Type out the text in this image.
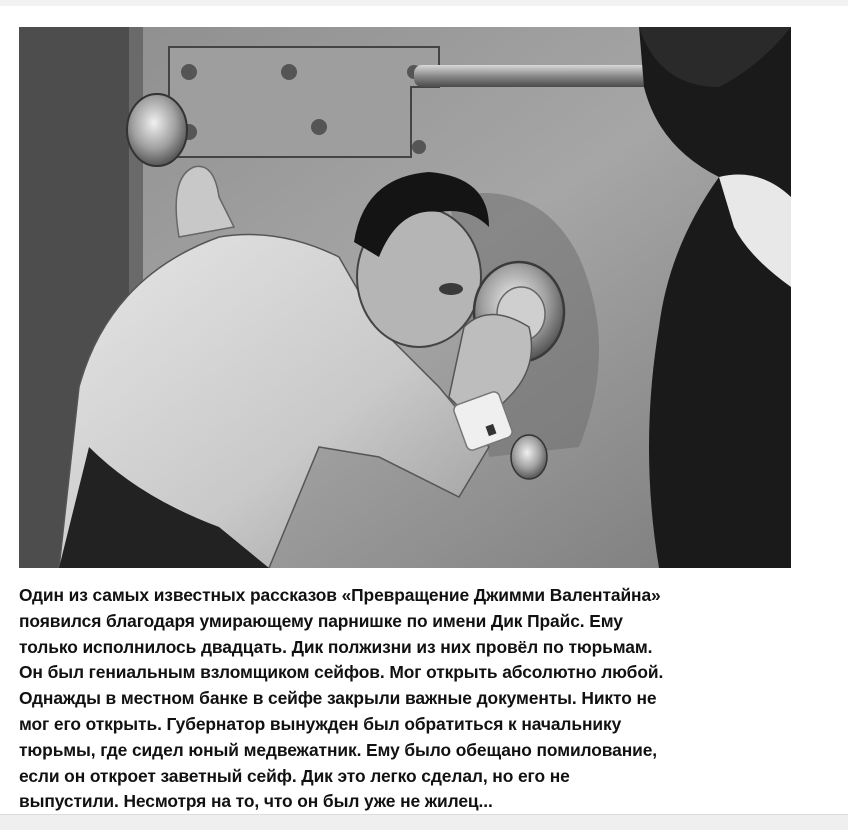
Один из самых известных рассказов «Превращение Джимми Валентайна»
появился благодаря умирающему парнишке по имени Дик Прайс. Ему
только исполнилось двадцать. Дик полжизни из них провёл по тюрьмам.
Он был гениальным взломщиком сейфов. Мог открыть абсолютно любой.
Однажды в местном банке в сейфе закрыли важные документы. Никто не
мог его открыть. Губернатор вынужден был обратиться к начальнику
тюрьмы, где сидел юный медвежатник. Ему было обещано помилование,
если он откроет заветный сейф. Дик это легко сделал, но его не
выпустили. Несмотря на то, что он был уже не жилец...
